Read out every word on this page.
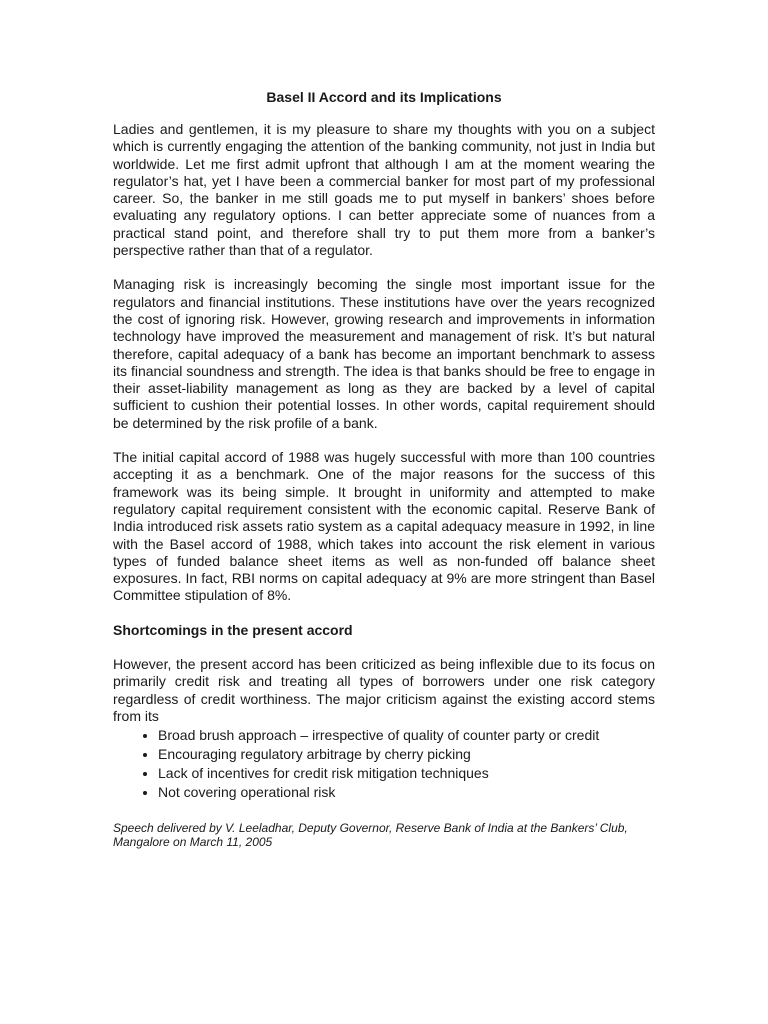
Basel II Accord and its Implications

Ladies and gentlemen, it is my pleasure to share my thoughts with you on a subject which is currently engaging the attention of the banking community, not just in India but worldwide. Let me first admit upfront that although I am at the moment wearing the regulator’s hat, yet I have been a commercial banker for most part of my professional career. So, the banker in me still goads me to put myself in bankers’ shoes before evaluating any regulatory options. I can better appreciate some of nuances from a practical stand point, and therefore shall try to put them more from a banker’s perspective rather than that of a regulator.

Managing risk is increasingly becoming the single most important issue for the regulators and financial institutions. These institutions have over the years recognized the cost of ignoring risk. However, growing research and improvements in information technology have improved the measurement and management of risk. It’s but natural therefore, capital adequacy of a bank has become an important benchmark to assess its financial soundness and strength. The idea is that banks should be free to engage in their asset-liability management as long as they are backed by a level of capital sufficient to cushion their potential losses. In other words, capital requirement should be determined by the risk profile of a bank.

The initial capital accord of 1988 was hugely successful with more than 100 countries accepting it as a benchmark. One of the major reasons for the success of this framework was its being simple. It brought in uniformity and attempted to make regulatory capital requirement consistent with the economic capital. Reserve Bank of India introduced risk assets ratio system as a capital adequacy measure in 1992, in line with the Basel accord of 1988, which takes into account the risk element in various types of funded balance sheet items as well as non-funded off balance sheet exposures. In fact, RBI norms on capital adequacy at 9% are more stringent than Basel Committee stipulation of 8%.

Shortcomings in the present accord

However, the present accord has been criticized as being inflexible due to its focus on primarily credit risk and treating all types of borrowers under one risk category regardless of credit worthiness. The major criticism against the existing accord stems from its

• Broad brush approach – irrespective of quality of counter party or credit
• Encouraging regulatory arbitrage by cherry picking
• Lack of incentives for credit risk mitigation techniques
• Not covering operational risk
Speech delivered by V. Leeladhar, Deputy Governor, Reserve Bank of India at the Bankers’ Club, Mangalore on March 11, 2005
